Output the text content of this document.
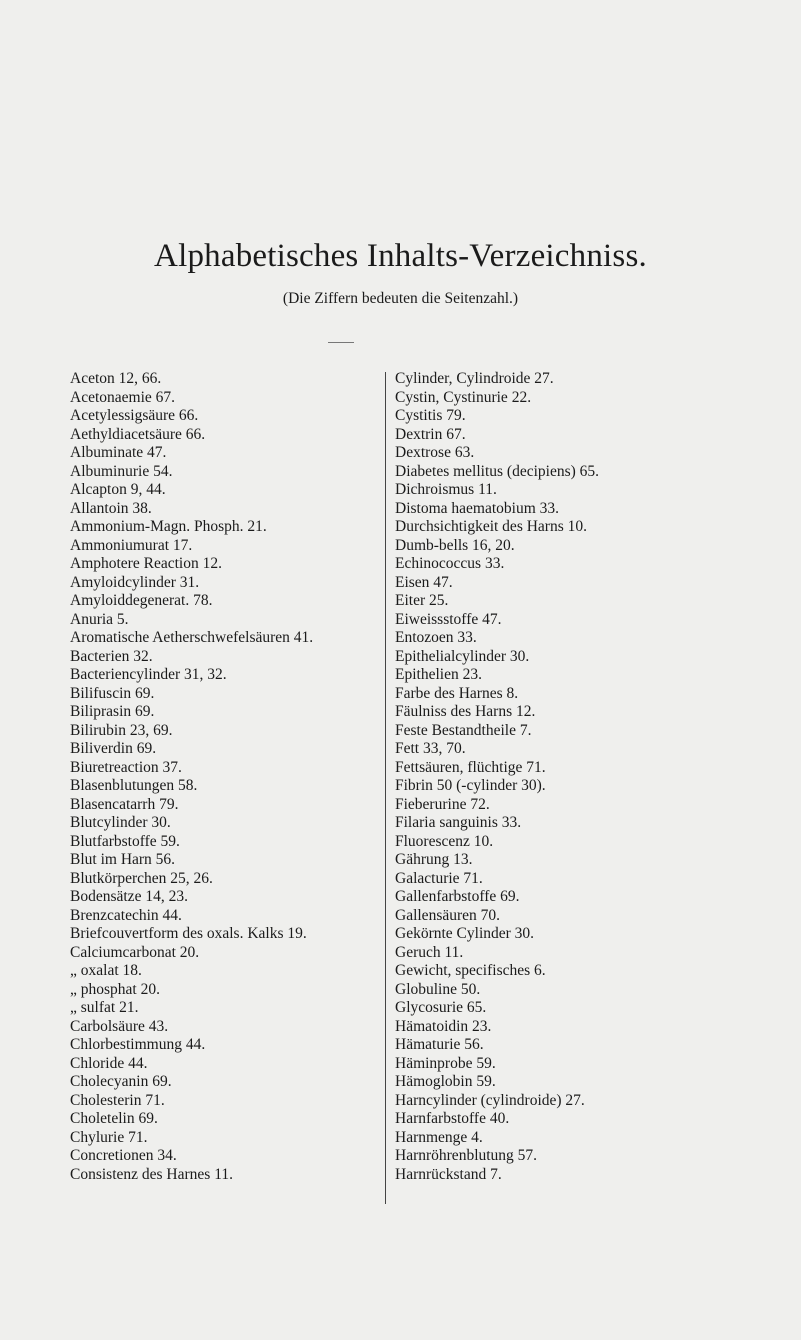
Alphabetisches Inhalts-Verzeichniss.
(Die Ziffern bedeuten die Seitenzahl.)
Aceton 12, 66.
Acetonaemie 67.
Acetylessigsäure 66.
Aethyldiacetsäure 66.
Albuminate 47.
Albuminurie 54.
Alcapton 9, 44.
Allantoin 38.
Ammonium-Magn. Phosph. 21.
Ammoniumurat 17.
Amphotere Reaction 12.
Amyloidcylinder 31.
Amyloiddegenerat. 78.
Anuria 5.
Aromatische Aetherschwefelsäuren 41.
Bacterien 32.
Bacteriencylinder 31, 32.
Bilifuscin 69.
Biliprasin 69.
Bilirubin 23, 69.
Biliverdin 69.
Biuretreaction 37.
Blasenblutungen 58.
Blasencatarrh 79.
Blutcylinder 30.
Blutfarbstoffe 59.
Blut im Harn 56.
Blutkörperchen 25, 26.
Bodensätze 14, 23.
Brenzcatechin 44.
Briefcouvertform des oxals. Kalks 19.
Calciumcarbonat 20.
„ oxalat 18.
„ phosphat 20.
„ sulfat 21.
Carbolsäure 43.
Chlorbestimmung 44.
Chloride 44.
Cholecyanin 69.
Cholesterin 71.
Choletelin 69.
Chylurie 71.
Concretionen 34.
Consistenz des Harnes 11.
Cylinder, Cylindroide 27.
Cystin, Cystinurie 22.
Cystitis 79.
Dextrin 67.
Dextrose 63.
Diabetes mellitus (decipiens) 65.
Dichroismus 11.
Distoma haematobium 33.
Durchsichtigkeit des Harns 10.
Dumb-bells 16, 20.
Echinococcus 33.
Eisen 47.
Eiter 25.
Eiweissstoffe 47.
Entozoen 33.
Epithelialcylinder 30.
Epithelien 23.
Farbe des Harnes 8.
Fäulniss des Harns 12.
Feste Bestandtheile 7.
Fett 33, 70.
Fettsäuren, flüchtige 71.
Fibrin 50 (-cylinder 30).
Fieberurine 72.
Filaria sanguinis 33.
Fluorescenz 10.
Gährung 13.
Galacturie 71.
Gallenfarbstoffe 69.
Gallensäuren 70.
Gekörnte Cylinder 30.
Geruch 11.
Gewicht, specifisches 6.
Globuline 50.
Glycosurie 65.
Hämatoidin 23.
Hämaturie 56.
Häminprobe 59.
Hämoglobin 59.
Harncylinder (cylindroide) 27.
Harnfarbstoffe 40.
Harnmenge 4.
Harnröhrenblutung 57.
Harnrückstand 7.
